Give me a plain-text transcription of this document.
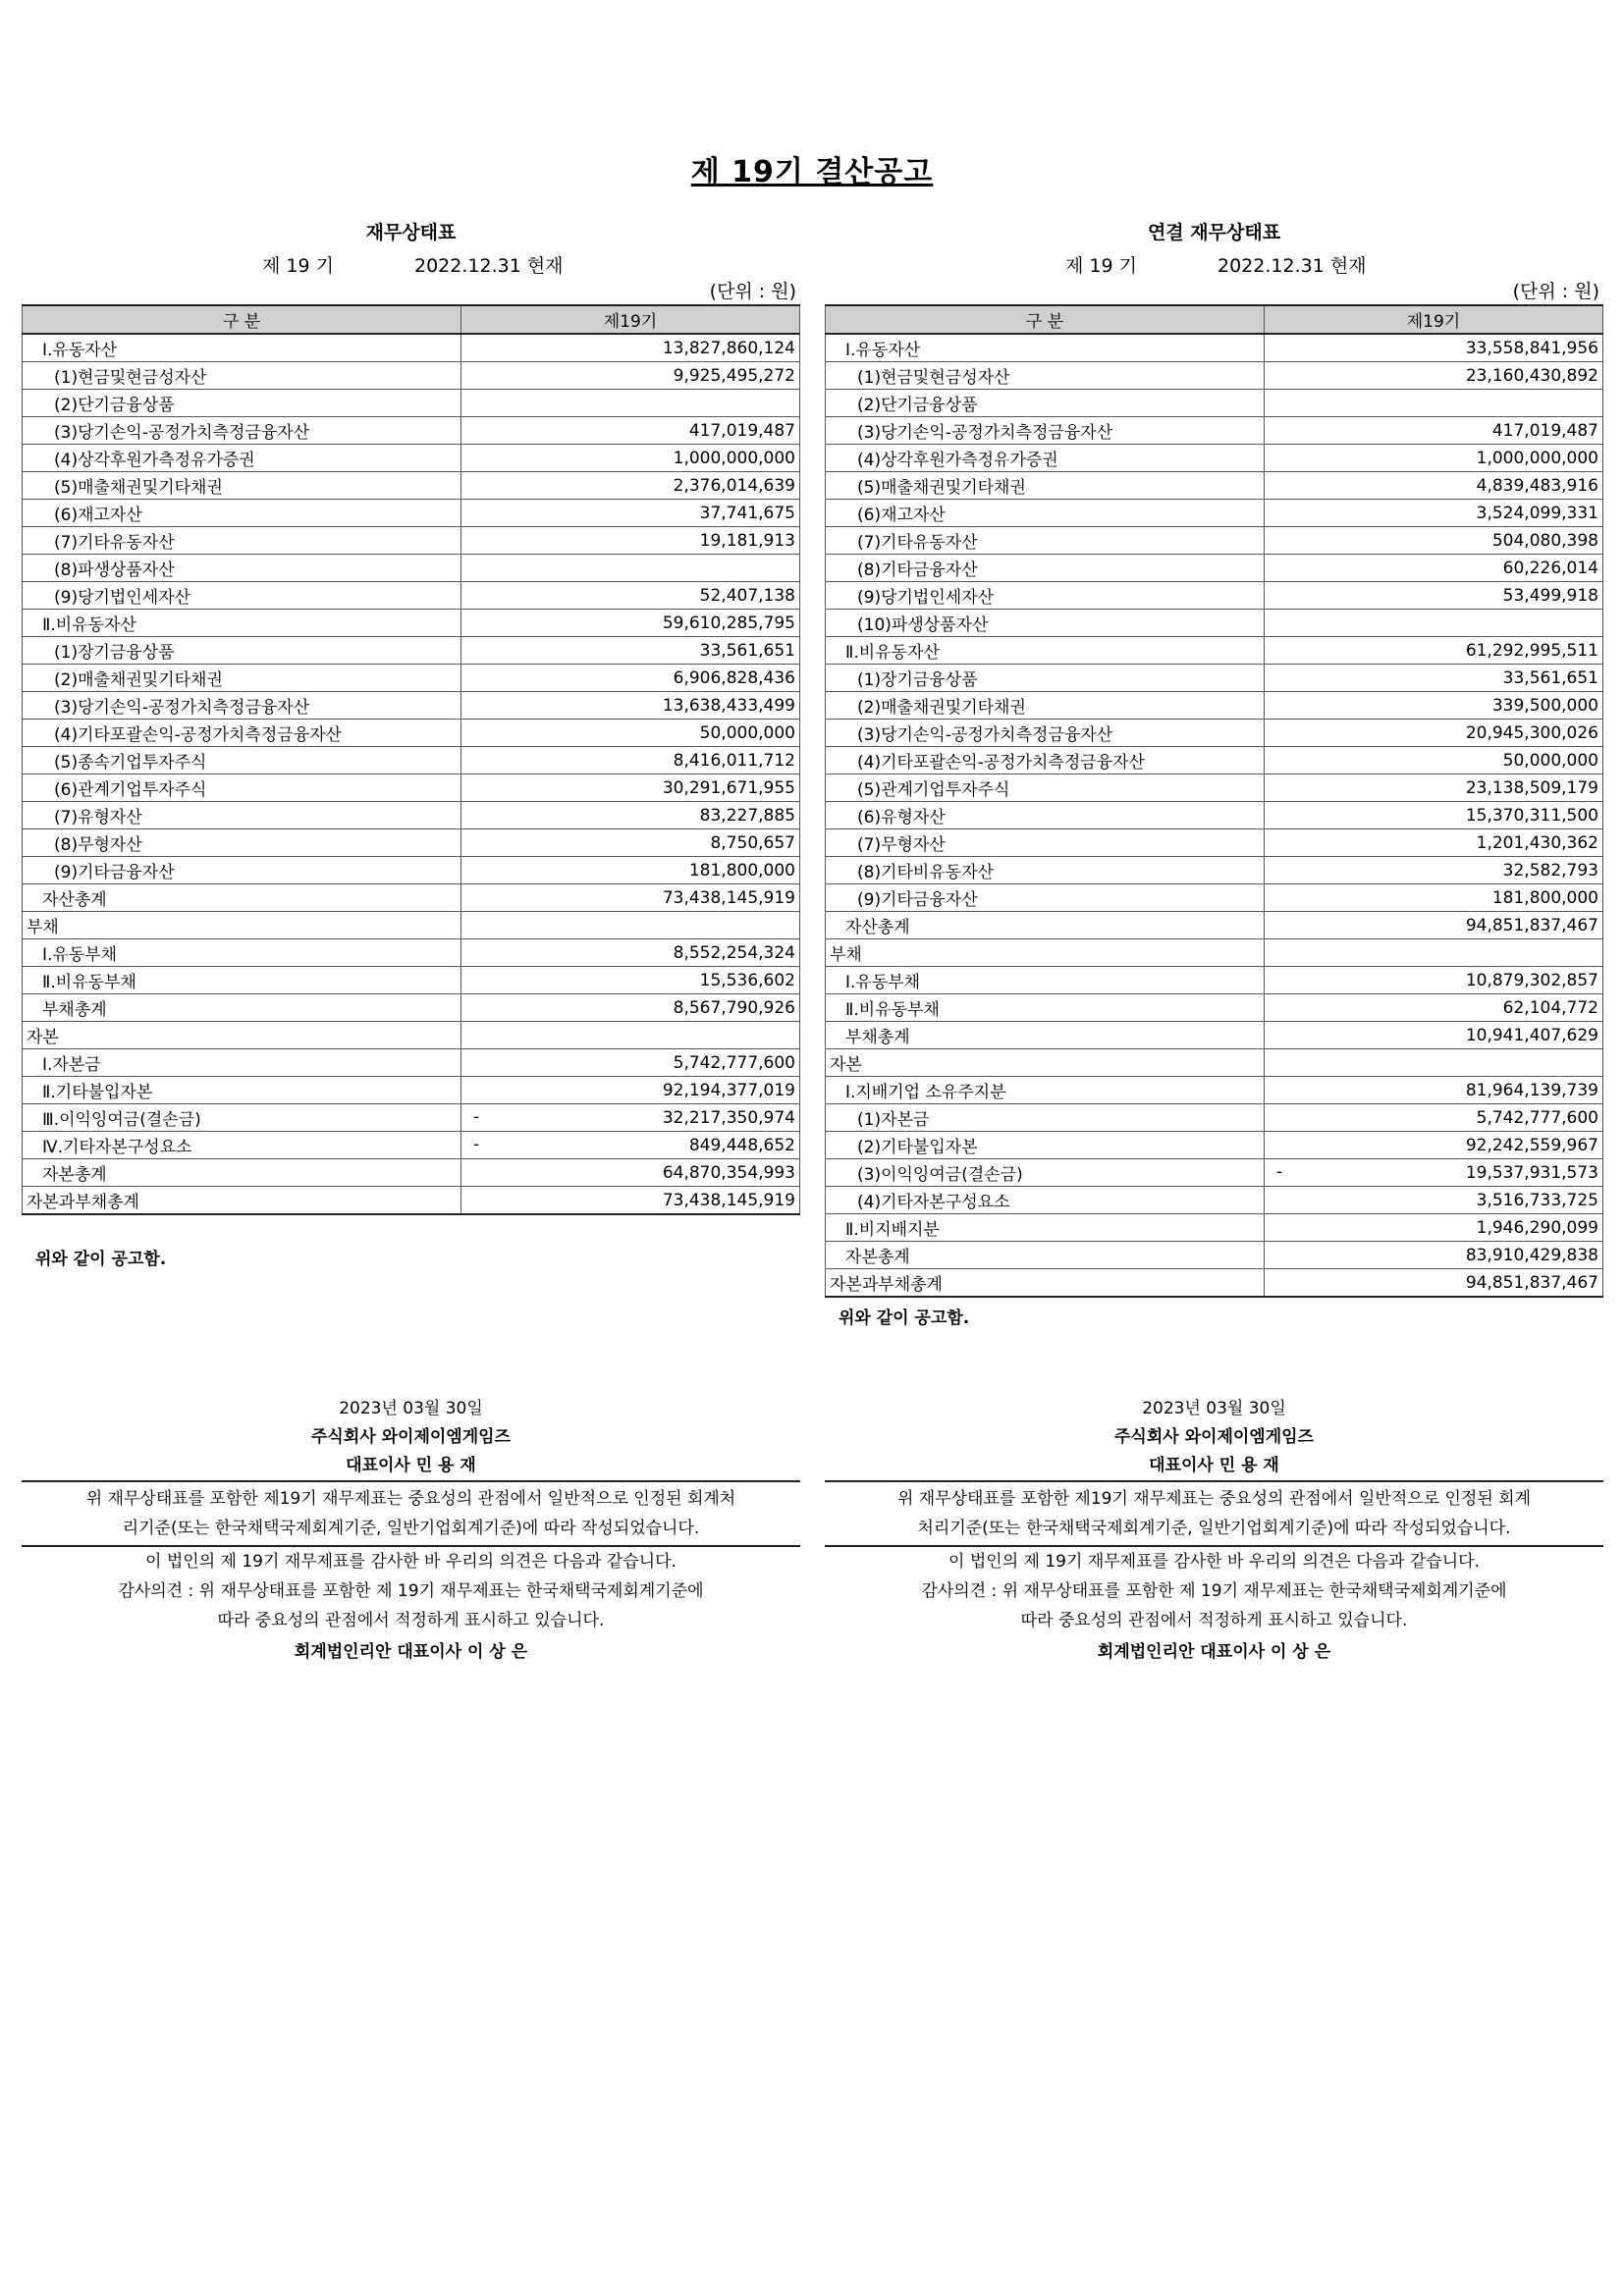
제 19기 결산공고
재무상태표
제 19 기	2022.12.31 현재
(단위 : 원)
구 분	제19기
Ⅰ.유동자산	13,827,860,124
(1)현금및현금성자산	9,925,495,272
(2)단기금융상품	
(3)당기손익-공정가치측정금융자산	417,019,487
(4)상각후원가측정유가증권	1,000,000,000
(5)매출채권및기타채권	2,376,014,639
(6)재고자산	37,741,675
(7)기타유동자산	19,181,913
(8)파생상품자산	
(9)당기법인세자산	52,407,138
Ⅱ.비유동자산	59,610,285,795
(1)장기금융상품	33,561,651
(2)매출채권및기타채권	6,906,828,436
(3)당기손익-공정가치측정금융자산	13,638,433,499
(4)기타포괄손익-공정가치측정금융자산	50,000,000
(5)종속기업투자주식	8,416,011,712
(6)관계기업투자주식	30,291,671,955
(7)유형자산	83,227,885
(8)무형자산	8,750,657
(9)기타금융자산	181,800,000
자산총계	73,438,145,919
부채	
Ⅰ.유동부채	8,552,254,324
Ⅱ.비유동부채	15,536,602
부채총계	8,567,790,926
자본	
Ⅰ.자본금	5,742,777,600
Ⅱ.기타불입자본	92,194,377,019
Ⅲ.이익잉여금(결손금)	- 32,217,350,974
Ⅳ.기타자본구성요소	- 849,448,652
자본총계	64,870,354,993
자본과부채총계	73,438,145,919
위와 같이 공고함.
연결 재무상태표
제 19 기	2022.12.31 현재
(단위 : 원)
구 분	제19기
Ⅰ.유동자산	33,558,841,956
(1)현금및현금성자산	23,160,430,892
(2)단기금융상품	
(3)당기손익-공정가치측정금융자산	417,019,487
(4)상각후원가측정유가증권	1,000,000,000
(5)매출채권및기타채권	4,839,483,916
(6)재고자산	3,524,099,331
(7)기타유동자산	504,080,398
(8)기타금융자산	60,226,014
(9)당기법인세자산	53,499,918
(10)파생상품자산	
Ⅱ.비유동자산	61,292,995,511
(1)장기금융상품	33,561,651
(2)매출채권및기타채권	339,500,000
(3)당기손익-공정가치측정금융자산	20,945,300,026
(4)기타포괄손익-공정가치측정금융자산	50,000,000
(5)관계기업투자주식	23,138,509,179
(6)유형자산	15,370,311,500
(7)무형자산	1,201,430,362
(8)기타비유동자산	32,582,793
(9)기타금융자산	181,800,000
자산총계	94,851,837,467
부채	
Ⅰ.유동부채	10,879,302,857
Ⅱ.비유동부채	62,104,772
부채총계	10,941,407,629
자본	
Ⅰ.지배기업 소유주지분	81,964,139,739
(1)자본금	5,742,777,600
(2)기타불입자본	92,242,559,967
(3)이익잉여금(결손금)	- 19,537,931,573
(4)기타자본구성요소	3,516,733,725
Ⅱ.비지배지분	1,946,290,099
자본총계	83,910,429,838
자본과부채총계	94,851,837,467
위와 같이 공고함.
2023년 03월 30일
주식회사 와이제이엠게임즈
대표이사 민 용 재
위 재무상태표를 포함한 제19기 재무제표는 중요성의 관점에서 일반적으로 인정된 회계처
리기준(또는 한국채택국제회계기준, 일반기업회계기준)에 따라 작성되었습니다.
이 법인의 제 19기 재무제표를 감사한 바 우리의 의견은 다음과 같습니다.
감사의견 : 위 재무상태표를 포함한 제 19기 재무제표는 한국채택국제회계기준에
따라 중요성의 관점에서 적정하게 표시하고 있습니다.
회계법인리안 대표이사 이 상 은
2023년 03월 30일
주식회사 와이제이엠게임즈
대표이사 민 용 재
위 재무상태표를 포함한 제19기 재무제표는 중요성의 관점에서 일반적으로 인정된 회계
처리기준(또는 한국채택국제회계기준, 일반기업회계기준)에 따라 작성되었습니다.
이 법인의 제 19기 재무제표를 감사한 바 우리의 의견은 다음과 같습니다.
감사의견 : 위 재무상태표를 포함한 제 19기 재무제표는 한국채택국제회계기준에
따라 중요성의 관점에서 적정하게 표시하고 있습니다.
회계법인리안 대표이사 이 상 은
